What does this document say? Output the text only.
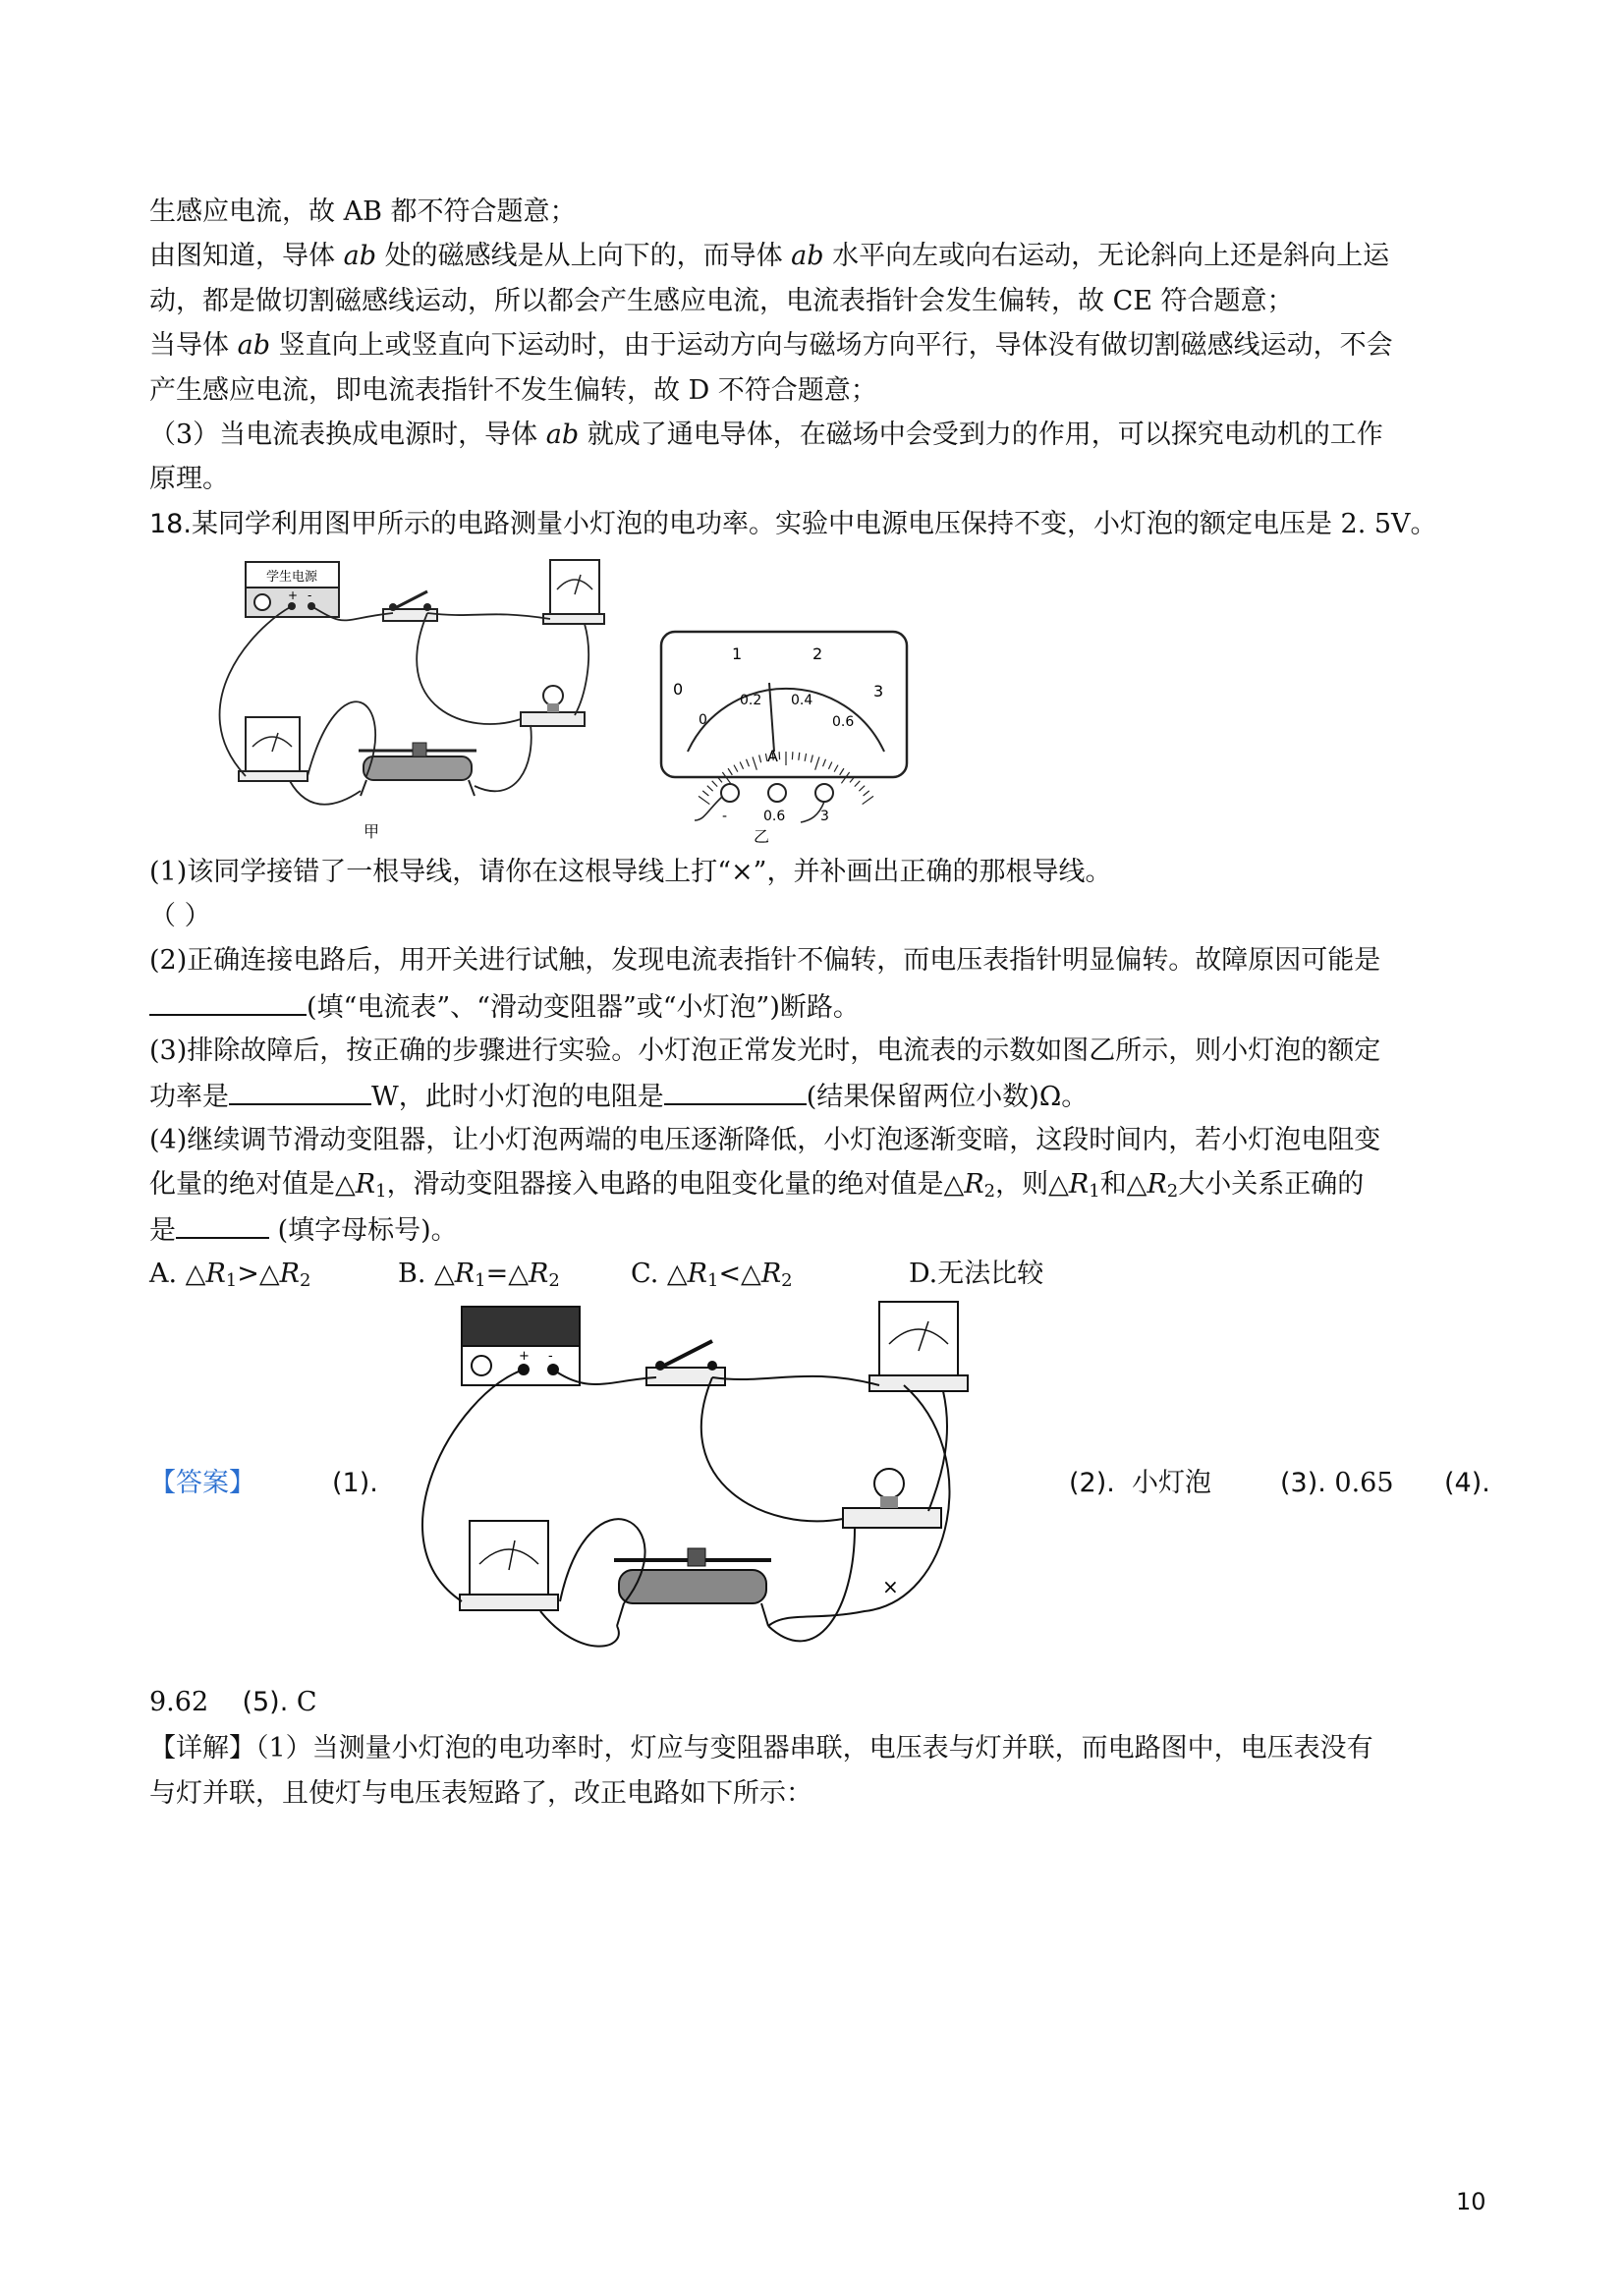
生感应电流，故 AB 都不符合题意；
由图知道，导体 ab 处的磁感线是从上向下的，而导体 ab 水平向左或向右运动，无论斜向上还是斜向上运
动，都是做切割磁感线运动，所以都会产生感应电流，电流表指针会发生偏转，故 CE 符合题意；
当导体 ab 竖直向上或竖直向下运动时，由于运动方向与磁场方向平行，导体没有做切割磁感线运动，不会
产生感应电流，即电流表指针不发生偏转，故 D 不符合题意；
（3）当电流表换成电源时，导体 ab 就成了通电导体，在磁场中会受到力的作用，可以探究电动机的工作
原理。
18.某同学利用图甲所示的电路测量小灯泡的电功率。实验中电源电压保持不变，小灯泡的额定电压是 2. 5V。
学生电源
+ -
甲
0
1	2
3
0
0.2 0.4
0.6
A
-	0.6	3
乙
(1)该同学接错了一根导线，请你在这根导线上打“×”，并补画出正确的那根导线。
（ ）
(2)正确连接电路后，用开关进行试触，发现电流表指针不偏转，而电压表指针明显偏转。故障原因可能是
(填“电流表”、“滑动变阻器”或“小灯泡”)断路。
(3)排除故障后，按正确的步骤进行实验。小灯泡正常发光时，电流表的示数如图乙所示，则小灯泡的额定
功率是	W，此时小灯泡的电阻是	(结果保留两位小数)Ω。
(4)继续调节滑动变阻器，让小灯泡两端的电压逐渐降低，小灯泡逐渐变暗，这段时间内，若小灯泡电阻变
化量的绝对值是$\triangle R_1$，滑动变阻器接入电路的电阻变化量的绝对值是$\triangle R_2$，则$\triangle R_1$和$\triangle R_2$大小关系正确的
是	(填字母标号)。
A. $\triangle R_1>\triangle R_2$	B. $\triangle R_1=\triangle R_2$	C. $\triangle R_1<\triangle R_2$	D.无法比较
【答案】	(1).
+ -
×
(2). 小灯泡	(3). 0.65 (4).
9.62 (5). C
【详解】（1）当测量小灯泡的电功率时，灯应与变阻器串联，电压表与灯并联，而电路图中，电压表没有
与灯并联，且使灯与电压表短路了，改正电路如下所示：
10
